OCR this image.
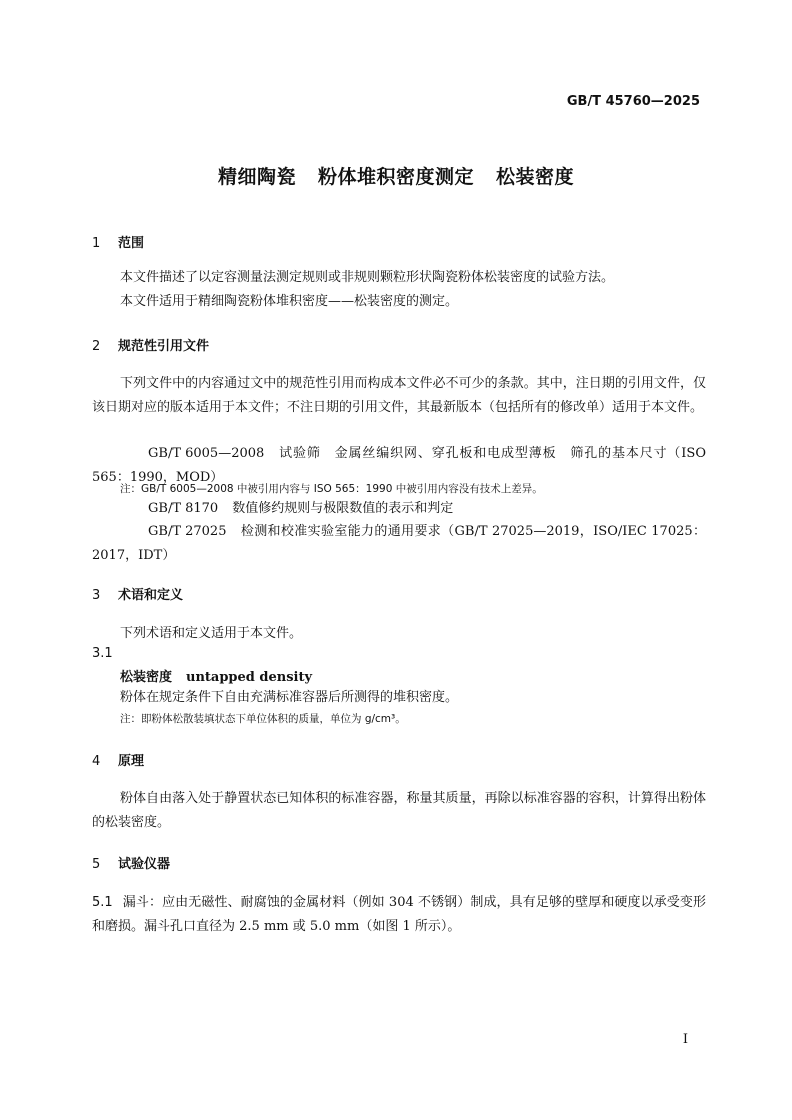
GB/T 45760—2025
精细陶瓷 粉体堆积密度测定 松装密度
1 范围
本文件描述了以定容测量法测定规则或非规则颗粒形状陶瓷粉体松装密度的试验方法。
本文件适用于精细陶瓷粉体堆积密度——松装密度的测定。
2 规范性引用文件
下列文件中的内容通过文中的规范性引用而构成本文件必不可少的条款。其中，注日期的引用文件，仅该日期对应的版本适用于本文件；不注日期的引用文件，其最新版本（包括所有的修改单）适用于本文件。
GB/T 6005—2008 试验筛　金属丝编织网、穿孔板和电成型薄板　筛孔的基本尺寸（ISO 565：1990，MOD）
注：GB/T 6005—2008 中被引用内容与 ISO 565：1990 中被引用内容没有技术上差异。
GB/T 8170 数值修约规则与极限数值的表示和判定
GB/T 27025 检测和校准实验室能力的通用要求（GB/T 27025—2019，ISO/IEC 17025：2017，IDT）
3 术语和定义
下列术语和定义适用于本文件。
3.1
松装密度 untapped density
粉体在规定条件下自由充满标准容器后所测得的堆积密度。
注：即粉体松散装填状态下单位体积的质量，单位为 g/cm³。
4 原理
粉体自由落入处于静置状态已知体积的标准容器，称量其质量，再除以标准容器的容积，计算得出粉体的松装密度。
5 试验仪器
5.1 漏斗：应由无磁性、耐腐蚀的金属材料（例如 304 不锈钢）制成，具有足够的壁厚和硬度以承受变形和磨损。漏斗孔口直径为 2.5 mm 或 5.0 mm（如图 1 所示）。
I
